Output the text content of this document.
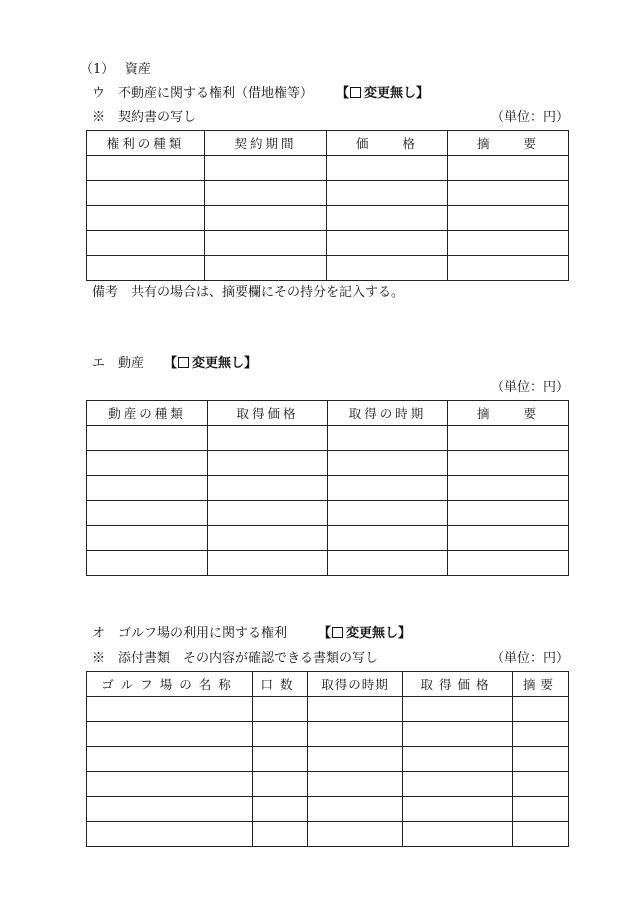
（1）　 資産
ウ　不動産に関する権利（借地権等） 【 変更無し】
※　契約書の写し	（単位：円）
権利の種類	契約期間	価　　格	摘　　要

備考　共有の場合は、摘要欄にその持分を記入する。
エ　動産 【 変更無し】
（単位：円）
動産の種類	取得価格	取得の時期	摘　　要

オ　ゴルフ場の利用に関する権利 【 変更無し】
※　添付書類　その内容が確認できる書類の写し	（単位：円）
ゴルフ場の名称	口数	取得の時期	取得価格	摘要
